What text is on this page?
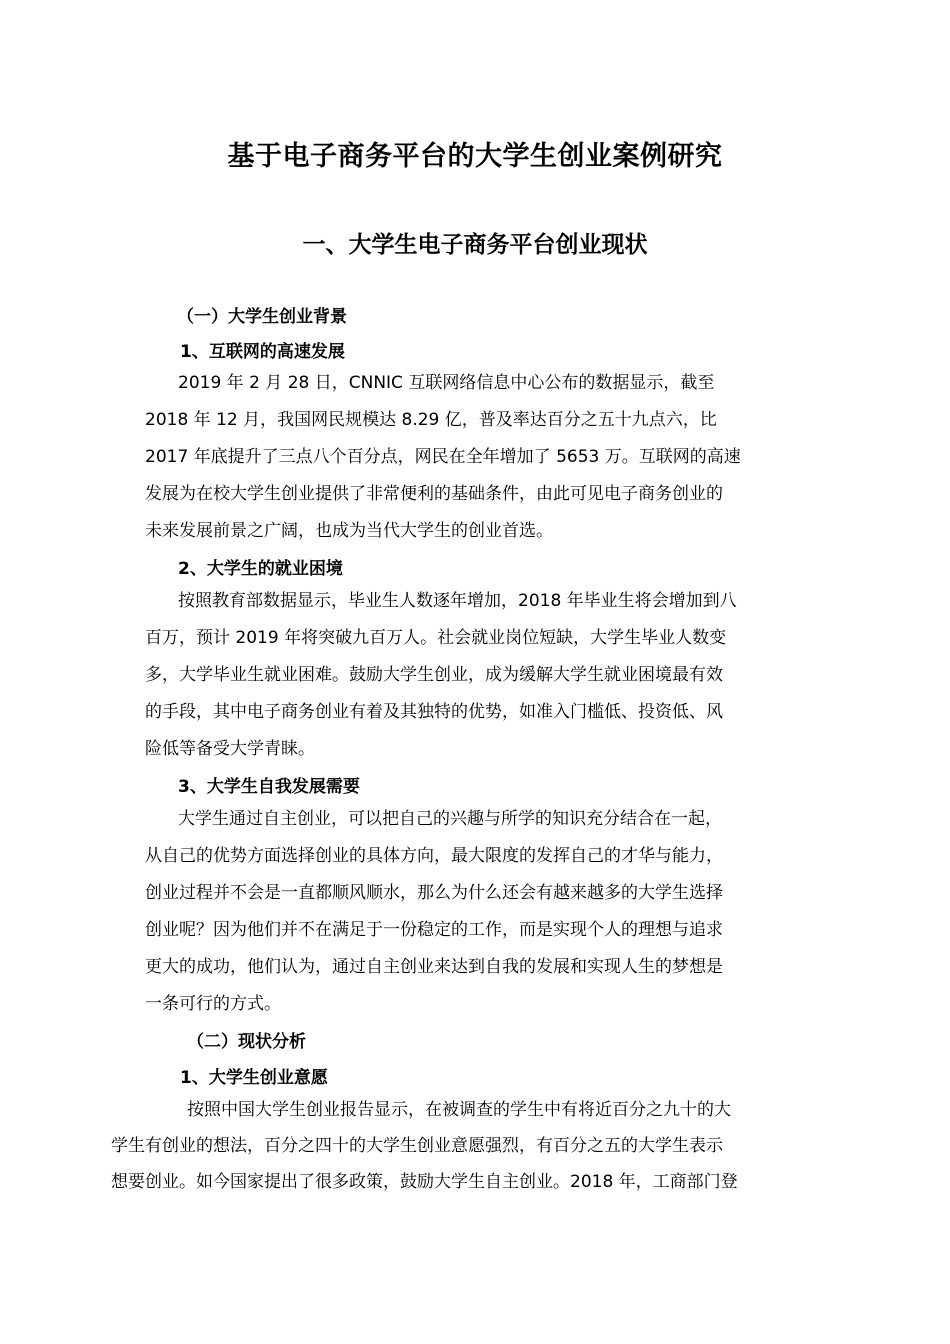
基于电子商务平台的大学生创业案例研究
一、大学生电子商务平台创业现状
（一）大学生创业背景
1、互联网的高速发展
2019 年 2 月 28 日，CNNIC 互联网络信息中心公布的数据显示，截至
2018 年 12 月，我国网民规模达 8.29 亿，普及率达百分之五十九点六，比
2017 年底提升了三点八个百分点，网民在全年增加了 5653 万。互联网的高速
发展为在校大学生创业提供了非常便利的基础条件，由此可见电子商务创业的
未来发展前景之广阔，也成为当代大学生的创业首选。
2、大学生的就业困境
按照教育部数据显示，毕业生人数逐年增加，2018 年毕业生将会增加到八
百万，预计 2019 年将突破九百万人。社会就业岗位短缺，大学生毕业人数变
多，大学毕业生就业困难。鼓励大学生创业，成为缓解大学生就业困境最有效
的手段，其中电子商务创业有着及其独特的优势，如准入门槛低、投资低、风
险低等备受大学青睐。
3、大学生自我发展需要
大学生通过自主创业，可以把自己的兴趣与所学的知识充分结合在一起，
从自己的优势方面选择创业的具体方向，最大限度的发挥自己的才华与能力，
创业过程并不会是一直都顺风顺水，那么为什么还会有越来越多的大学生选择
创业呢？因为他们并不在满足于一份稳定的工作，而是实现个人的理想与追求
更大的成功，他们认为，通过自主创业来达到自我的发展和实现人生的梦想是
一条可行的方式。
（二）现状分析
1、大学生创业意愿
按照中国大学生创业报告显示，在被调查的学生中有将近百分之九十的大
学生有创业的想法，百分之四十的大学生创业意愿强烈，有百分之五的大学生表示
想要创业。如今国家提出了很多政策，鼓励大学生自主创业。2018 年，工商部门登
